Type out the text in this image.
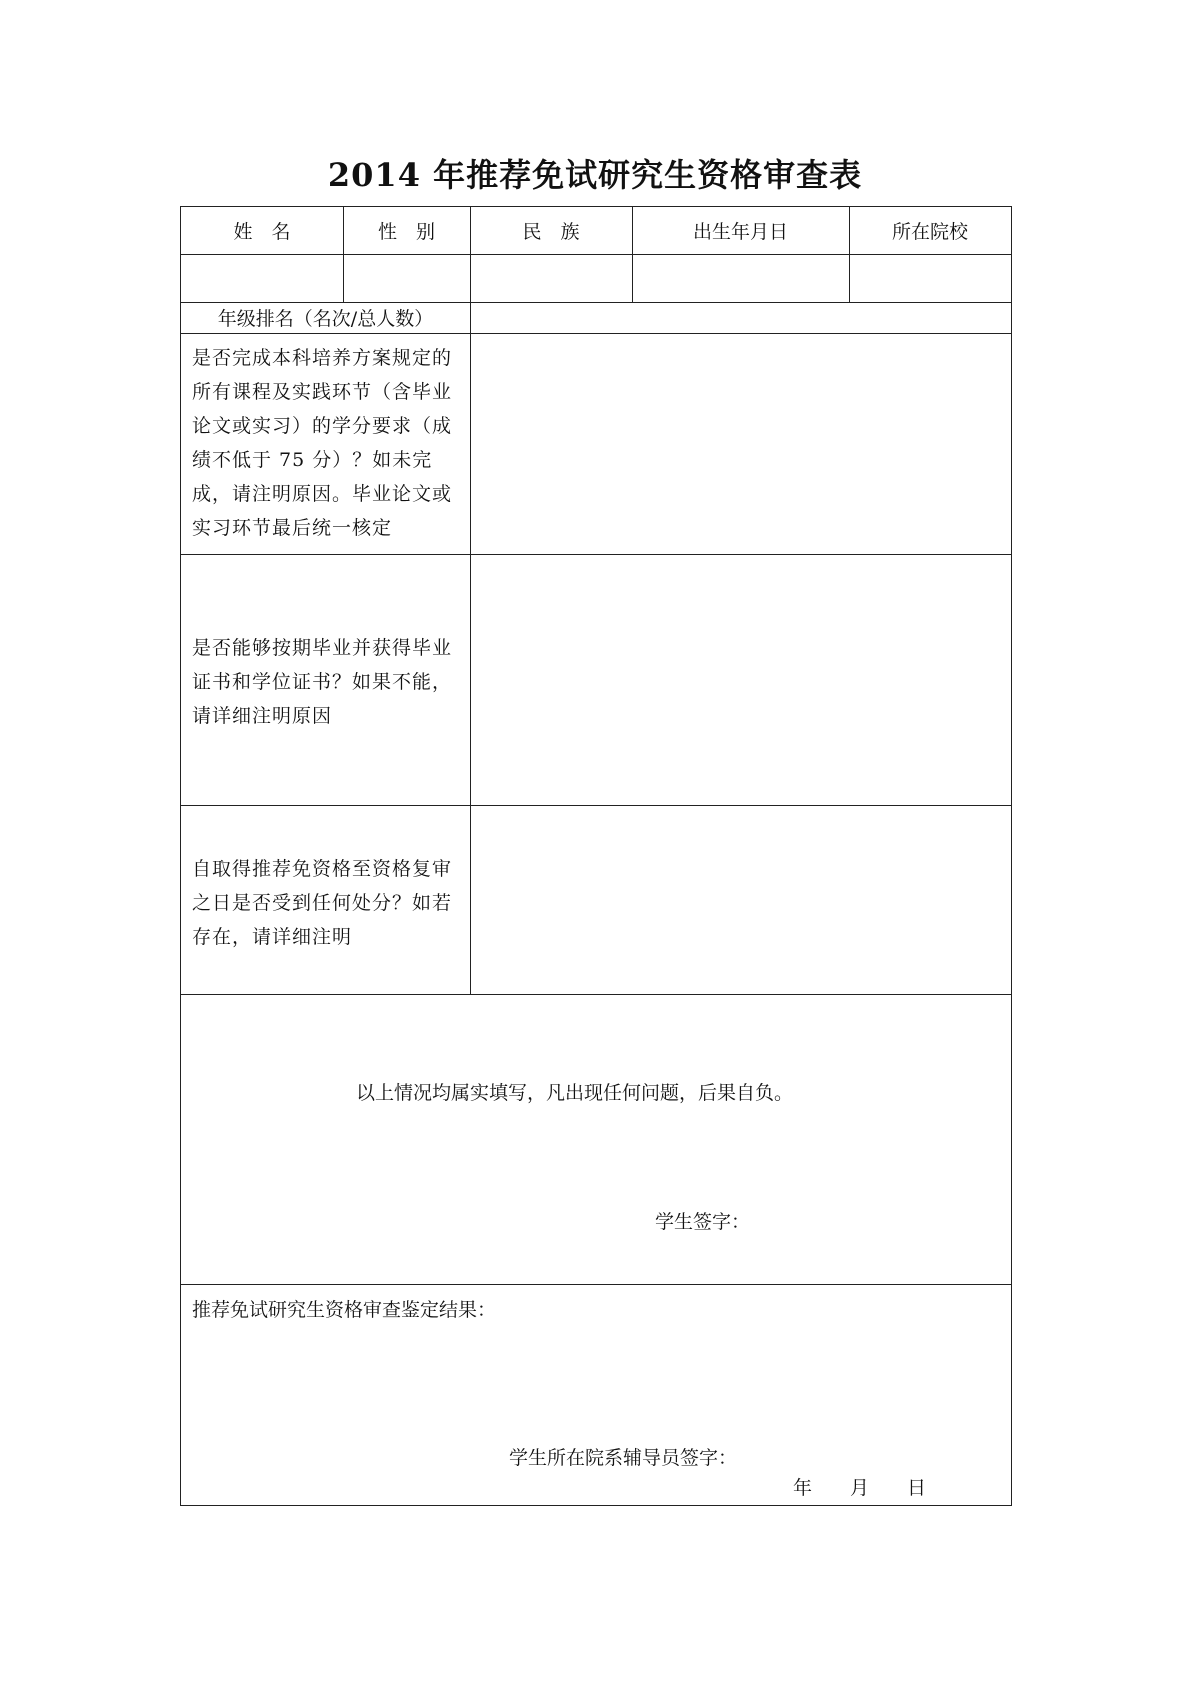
2014 年推荐免试研究生资格审查表
姓　名	性　别	民　族	出生年月日	所在院校
年级排名（名次/总人数）
是否完成本科培养方案规定的所有课程及实践环节（含毕业论文或实习）的学分要求（成绩不低于 75 分）？如未完成，请注明原因。毕业论文或实习环节最后统一核定
是否能够按期毕业并获得毕业证书和学位证书？如果不能，请详细注明原因
自取得推荐免资格至资格复审之日是否受到任何处分？如若存在，请详细注明
以上情况均属实填写，凡出现任何问题，后果自负。
学生签字：
推荐免试研究生资格审查鉴定结果：
学生所在院系辅导员签字：
年　　月　　日
